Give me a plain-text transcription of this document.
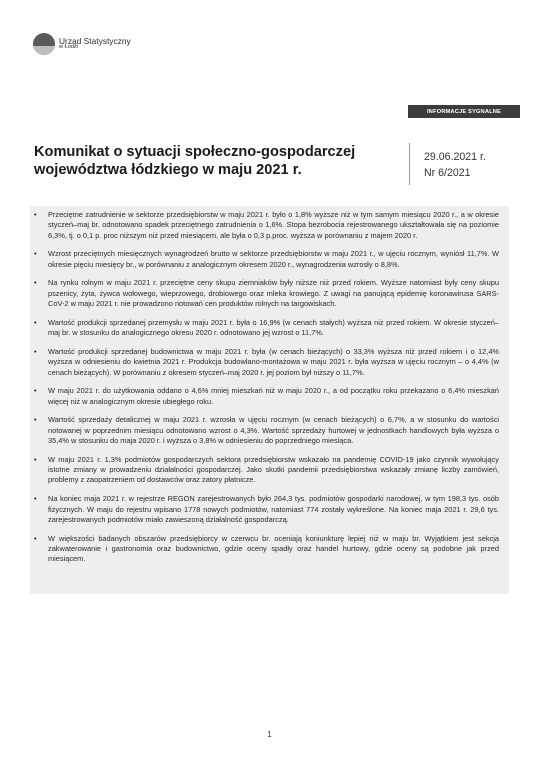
Urząd Statystyczny
w Łodzi
INFORMACJE SYGNALNE
Komunikat o sytuacji społeczno-gospodarczej
województwa łódzkiego w maju 2021 r.
29.06.2021 r.
Nr 6/2021
• Przeciętne zatrudnienie w sektorze przedsiębiorstw w maju 2021 r. było o 1,8% wyższe niż w tym samym miesiącu 2020 r., a w okresie styczeń–maj br. odnotowano spadek przeciętnego zatrudnienia o 1,6%. Stopa bezrobocia rejestrowanego ukształtowała się na poziomie 6,3%, tj. o 0,1 p. proc niższym niż przed miesiącem, ale była o 0,3 p.proc. wyższa w porównaniu z majem 2020 r.
• Wzrost przeciętnych miesięcznych wynagrodzeń brutto w sektorze przedsiębiorstw w maju 2021 r., w ujęciu rocznym, wyniósł 11,7%. W okresie pięciu miesięcy br., w porównaniu z analogicznym okresem 2020 r., wynagrodzenia wzrosły o 8,8%.
• Na rynku rolnym w maju 2021 r. przeciętne ceny skupu ziemniaków były niższe niż przed rokiem. Wyższe natomiast były ceny skupu pszenicy, żyta, żywca wołowego, wieprzowego, drobiowego oraz mleka krowiego. Z uwagi na panującą epidemię koronawirusa SARS-CoV-2 w maju 2021 r. nie prowadzono notowań cen produktów rolnych na targowiskach.
• Wartość produkcji sprzedanej przemysłu w maju 2021 r. była o 16,9% (w cenach stałych) wyższa niż przed rokiem. W okresie styczeń–maj br. w stosunku do analogicznego okresu 2020 r. odnotowano jej wzrost o 11,7%.
• Wartość produkcji sprzedanej budownictwa w maju 2021 r. była (w cenach bieżących) o 33,3% wyższa niż przed rokiem i o 12,4% wyższa w odniesieniu do kwietnia 2021 r. Produkcja budowlano-montażowa w maju 2021 r. była wyższa w ujęciu rocznym – o 4,4% (w cenach bieżących). W porównaniu z okresem styczeń–maj 2020 r. jej poziom był niższy o 11,7%.
• W maju 2021 r. do użytkowania oddano o 4,6% mniej mieszkań niż w maju 2020 r., a od początku roku przekazano o 6,4% mieszkań więcej niż w analogicznym okresie ubiegłego roku.
• Wartość sprzedaży detalicznej w maju 2021 r. wzrosła w ujęciu rocznym (w cenach bieżących) o 6,7%, a w stosunku do wartości notowanej w poprzednim miesiącu odnotowano wzrost o 4,3%. Wartość sprzedaży hurtowej w jednostkach handlowych była wyższa o 35,4% w stosunku do maja 2020 r. i wyższa o 3,8% w odniesieniu do poprzedniego miesiąca.
• W maju 2021 r. 1,3% podmiotów gospodarczych sektora przedsiębiorstw wskazało na pandemię COVID-19 jako czynnik wywołujący istotne zmiany w prowadzeniu działalności gospodarczej. Jako skutki pandemii przedsiębiorstwa wskazały zmianę liczby zamówień, problemy z zaopatrzeniem od dostawców oraz zatory płatnicze.
• Na koniec maja 2021 r. w rejestrze REGON zarejestrowanych było 264,3 tys. podmiotów gospodarki narodowej, w tym 198,3 tys. osób fizycznych. W maju do rejestru wpisano 1778 nowych podmiotów, natomiast 774 zostały wykreślone. Na koniec maja 2021 r. 29,6 tys. zarejestrowanych podmiotów miało zawieszoną działalność gospodarczą.
• W większości badanych obszarów przedsiębiorcy w czerwcu br. oceniają koniunkturę lepiej niż w maju br. Wyjątkiem jest sekcja zakwaterowanie i gastronomia oraz budownictwo, gdzie oceny spadły oraz handel hurtowy, gdzie oceny są podobne jak przed miesiącem.
1
